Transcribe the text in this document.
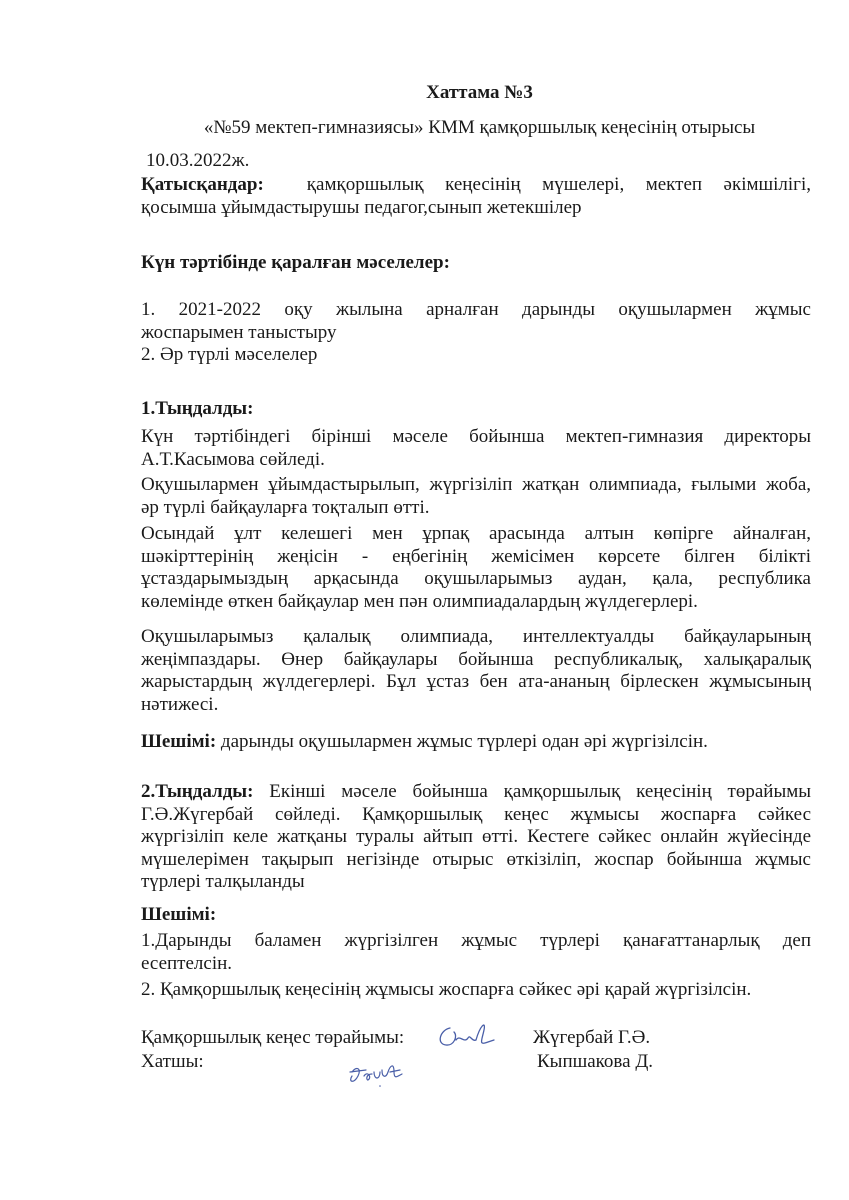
Хаттама №3
«№59 мектеп-гимназиясы» КММ қамқоршылық кеңесінің отырысы
10.03.2022ж.
Қатысқандар: қамқоршылық кеңесінің мүшелері, мектеп әкімшілігі,
қосымша ұйымдастырушы педагог,сынып жетекшілер
Күн тәртібінде қаралған мәселелер:
1. 2021-2022 оқу жылына арналған дарынды оқушылармен жұмыс
жоспарымен таныстыру
2. Әр түрлі мәселелер
1.Тыңдалды:
Күн тәртібіндегі бірінші мәселе бойынша мектеп-гимназия директоры
А.Т.Касымова сөйледі.
Оқушылармен ұйымдастырылып, жүргізіліп жатқан олимпиада, ғылыми жоба,
әр түрлі байқауларға тоқталып өтті.
Осындай ұлт келешегі мен ұрпақ арасында алтын көпірге айналған,
шәкірттерінің жеңісін - еңбегінің жемісімен көрсете білген білікті
ұстаздарымыздың арқасында оқушыларымыз аудан, қала, республика
көлемінде өткен байқаулар мен пән олимпиадалардың жүлдегерлері.
Оқушыларымыз қалалық олимпиада, интеллектуалды байқауларының
жеңімпаздары. Өнер байқаулары бойынша республикалық, халықаралық
жарыстардың жүлдегерлері. Бұл ұстаз бен ата-ананың бірлескен жұмысының
нәтижесі.
Шешімі: дарынды оқушылармен жұмыс түрлері одан әрі жүргізілсін.
2.Тыңдалды: Екінші мәселе бойынша қамқоршылық кеңесінің төрайымы
Г.Ә.Жүгербай сөйледі. Қамқоршылық кеңес жұмысы жоспарға сәйкес
жүргізіліп келе жатқаны туралы айтып өтті. Кестеге сәйкес онлайн жүйесінде
мүшелерімен тақырып негізінде отырыс өткізіліп, жоспар бойынша жұмыс
түрлері талқыланды
Шешімі:
1.Дарынды баламен жүргізілген жұмыс түрлері қанағаттанарлық деп
есептелсін.
2. Қамқоршылық кеңесінің жұмысы жоспарға сәйкес әрі қарай жүргізілсін.
Қамқоршылық кеңес төрайымы:	Жүгербай Г.Ә.
Хатшы:	Кыпшакова Д.
